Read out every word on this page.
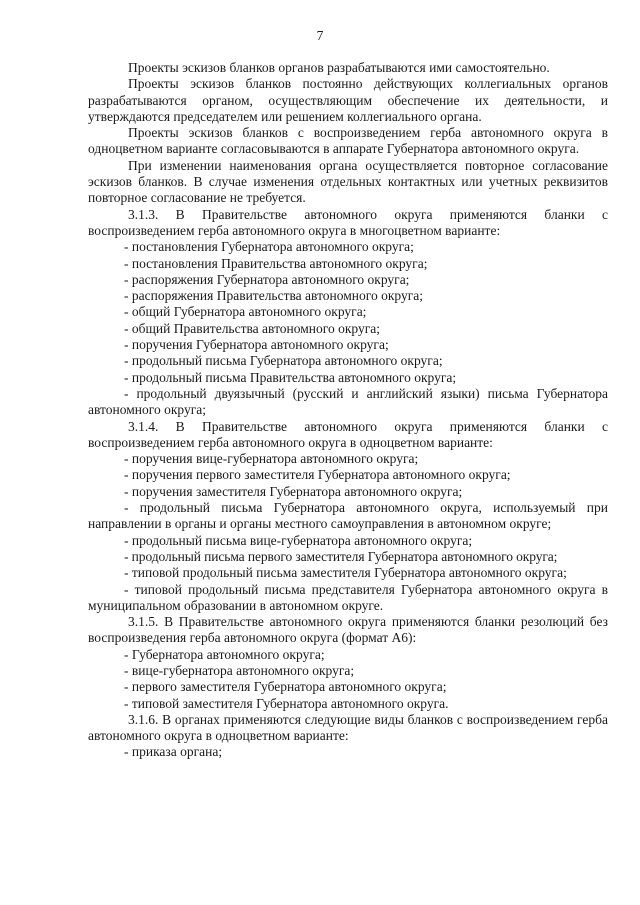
7

Проекты эскизов бланков органов разрабатываются ими самостоятельно.

Проекты эскизов бланков постоянно действующих коллегиальных органов разрабатываются органом, осуществляющим обеспечение их деятельности, и утверждаются председателем или решением коллегиального органа.

Проекты эскизов бланков с воспроизведением герба автономного округа в одноцветном варианте согласовываются в аппарате Губернатора автономного округа.

При изменении наименования органа осуществляется повторное согласование эскизов бланков. В случае изменения отдельных контактных или учетных реквизитов повторное согласование не требуется.

3.1.3. В Правительстве автономного округа применяются бланки с воспроизведением герба автономного округа в многоцветном варианте:

- постановления Губернатора автономного округа;

- постановления Правительства автономного округа;

- распоряжения Губернатора автономного округа;

- распоряжения Правительства автономного округа;

- общий Губернатора автономного округа;

- общий Правительства автономного округа;

- поручения Губернатора автономного округа;

- продольный письма Губернатора автономного округа;

- продольный письма Правительства автономного округа;

- продольный двуязычный (русский и английский языки) письма Губернатора автономного округа;

3.1.4. В Правительстве автономного округа применяются бланки с воспроизведением герба автономного округа в одноцветном варианте:

- поручения вице-губернатора автономного округа;

- поручения первого заместителя Губернатора автономного округа;

- поручения заместителя Губернатора автономного округа;

- продольный письма Губернатора автономного округа, используемый при направлении в органы и органы местного самоуправления в автономном округе;

- продольный письма вице-губернатора автономного округа;

- продольный письма первого заместителя Губернатора автономного округа;

- типовой продольный письма заместителя Губернатора автономного округа;

- типовой продольный письма представителя Губернатора автономного округа в муниципальном образовании в автономном округе.

3.1.5. В Правительстве автономного округа применяются бланки резолюций без воспроизведения герба автономного округа (формат А6):

- Губернатора автономного округа;

- вице-губернатора автономного округа;

- первого заместителя Губернатора автономного округа;

- типовой заместителя Губернатора автономного округа.

3.1.6. В органах применяются следующие виды бланков с воспроизведением герба автономного округа в одноцветном варианте:

- приказа органа;
